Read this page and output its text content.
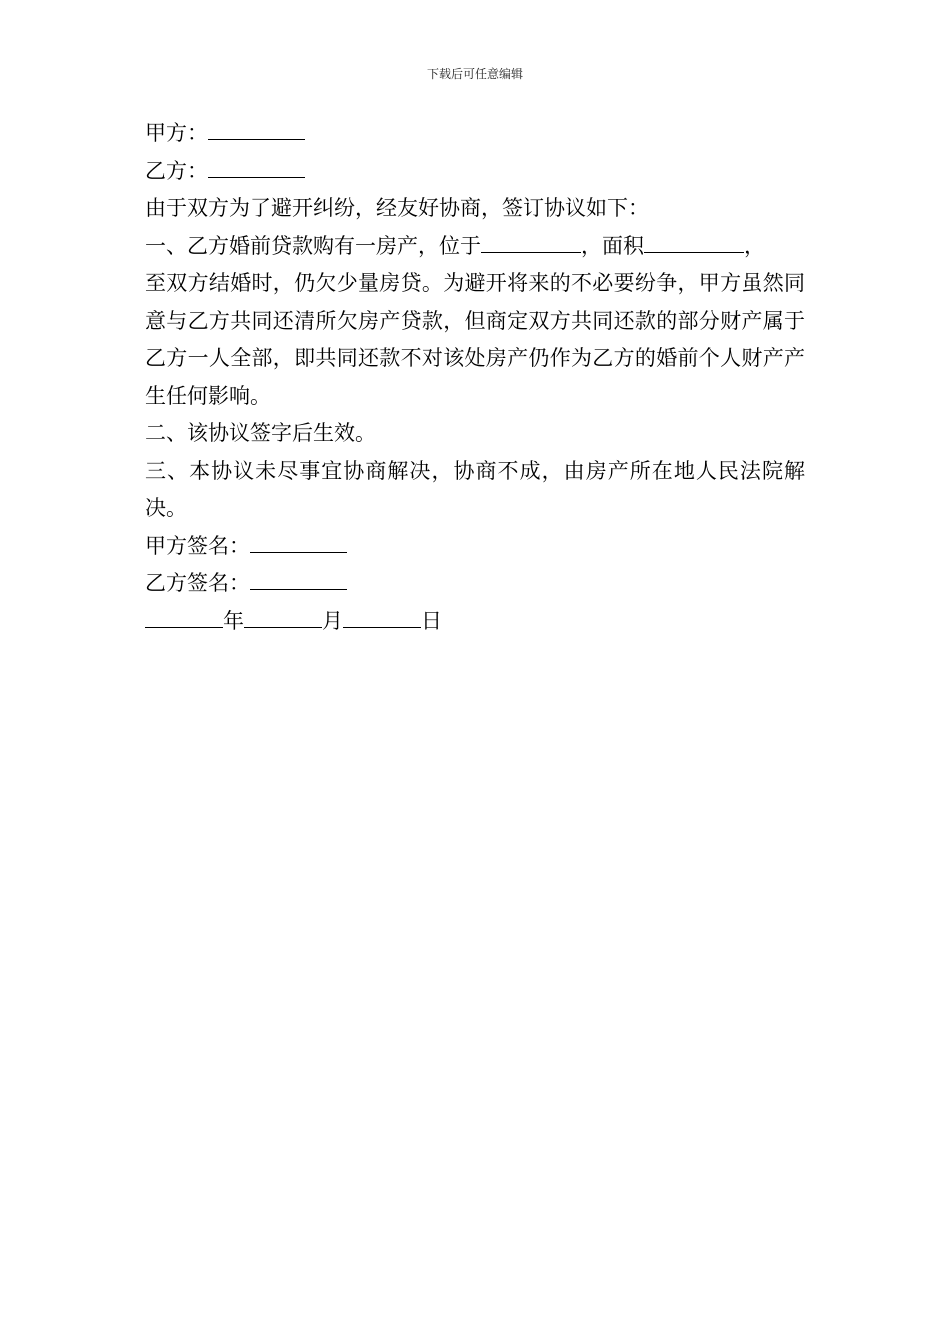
下载后可任意编辑

甲方：

乙方：

由于双方为了避开纠纷，经友好协商，签订协议如下：

一、乙方婚前贷款购有一房产，位于	，面积	，

至双方结婚时，仍欠少量房贷。为避开将来的不必要纷争，甲方虽然同意与乙方共同还清所欠房产贷款，但商定双方共同还款的部分财产属于乙方一人全部，即共同还款不对该处房产仍作为乙方的婚前个人财产产生任何影响。

二、该协议签字后生效。

三、本协议未尽事宜协商解决，协商不成，由房产所在地人民法院解决。

甲方签名：

乙方签名：

年	月	日
